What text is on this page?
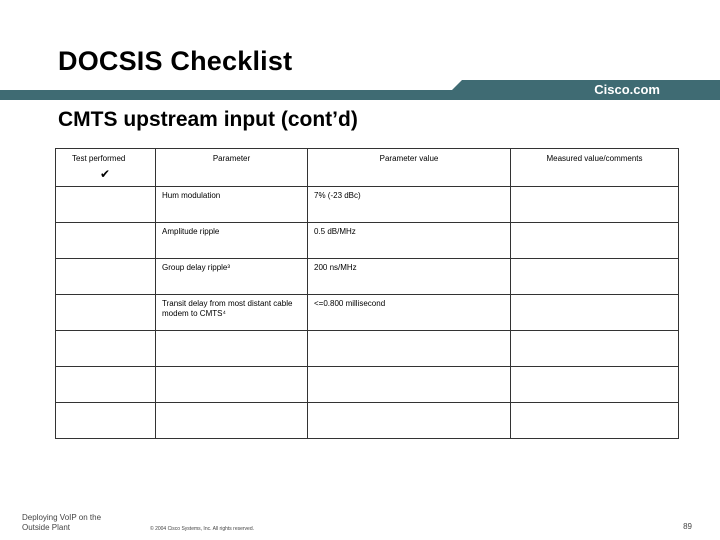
DOCSIS Checklist
Cisco.com
CMTS upstream input (cont’d)
Test performed
✔	Parameter	Parameter value	Measured value/comments
	Hum modulation	7% (-23 dBc)	
	Amplitude ripple	0.5 dB/MHz	
	Group delay ripple³	200 ns/MHz	
	Transit delay from most distant cable modem to CMTS⁴	<=0.800 millisecond	

Deploying VoIP on the
Outside Plant	© 2004 Cisco Systems, Inc. All rights reserved.	89
